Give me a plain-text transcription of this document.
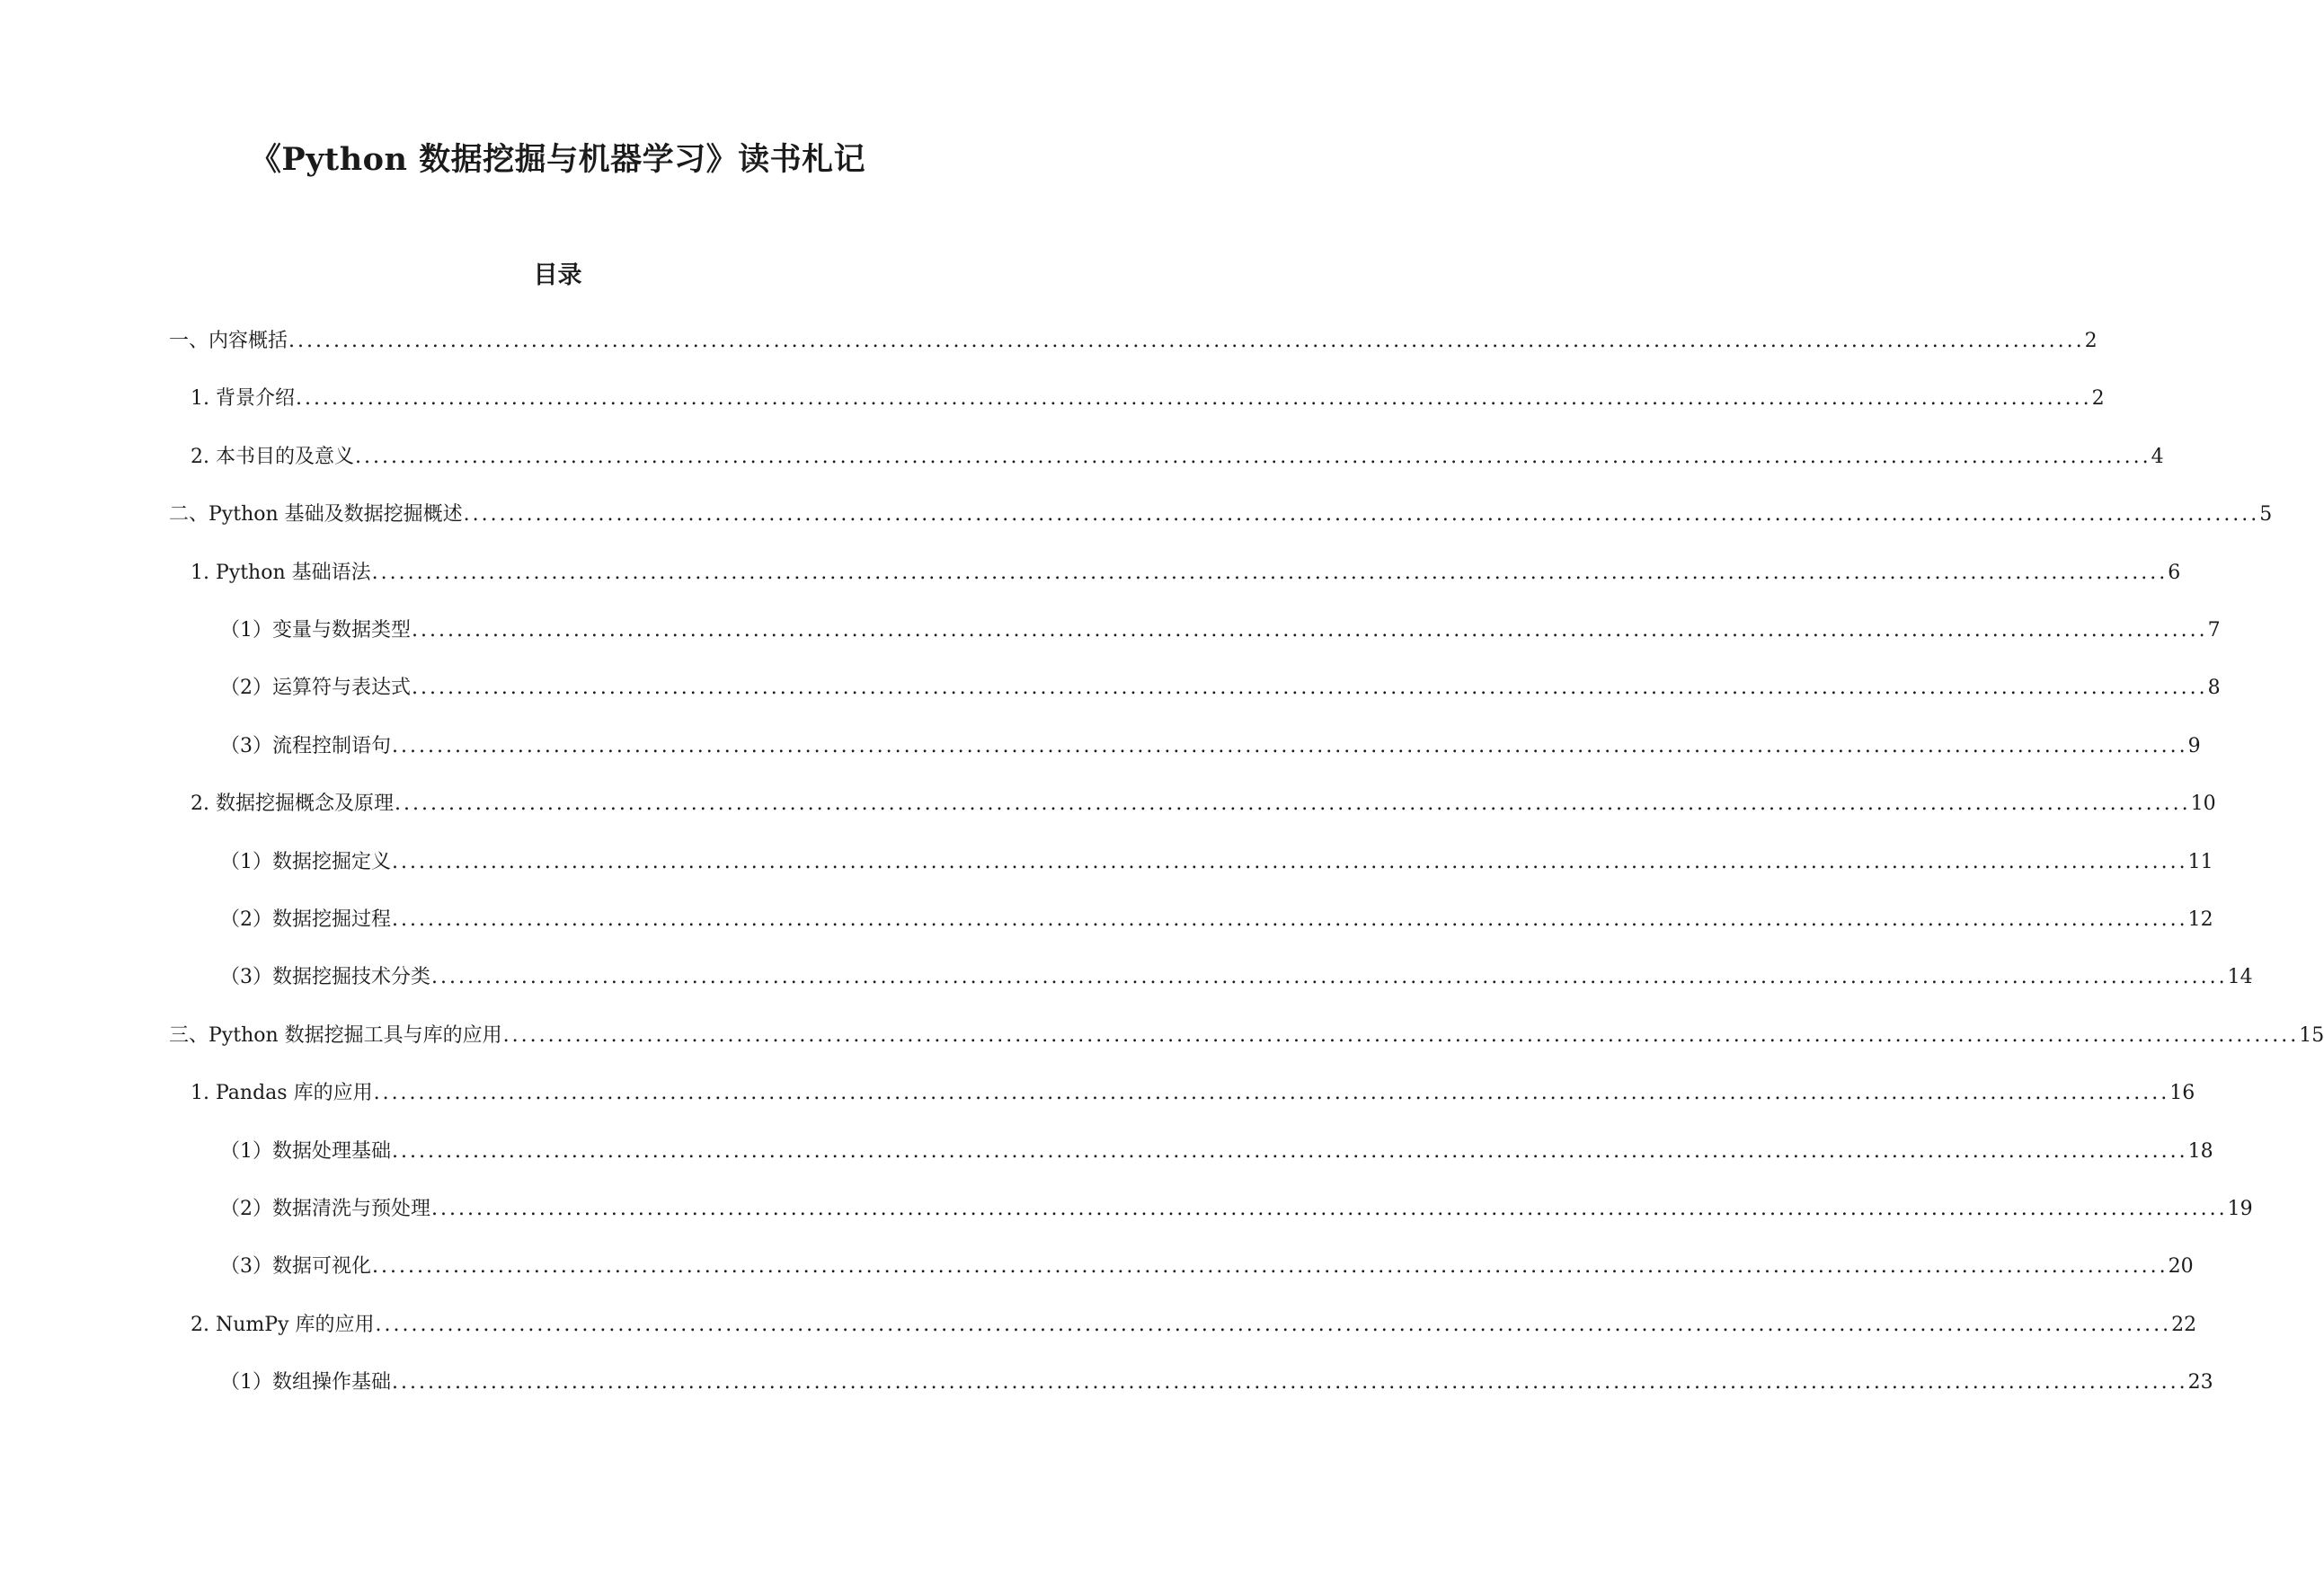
《Python 数据挖掘与机器学习》读书札记
目录
一、内容概括 ........................................................................................................................................................................................................ 2
1. 背景介绍 ........................................................................................................................................................................................................ 2
2. 本书目的及意义 ........................................................................................................................................................................................................ 4
二、Python 基础及数据挖掘概述 ........................................................................................................................................................................................................ 5
1. Python 基础语法 ........................................................................................................................................................................................................ 6
（1）变量与数据类型 ........................................................................................................................................................................................................ 7
（2）运算符与表达式 ........................................................................................................................................................................................................ 8
（3）流程控制语句 ........................................................................................................................................................................................................ 9
2. 数据挖掘概念及原理 ........................................................................................................................................................................................................ 10
（1）数据挖掘定义 ........................................................................................................................................................................................................ 11
（2）数据挖掘过程 ........................................................................................................................................................................................................ 12
（3）数据挖掘技术分类 ........................................................................................................................................................................................................ 14
三、Python 数据挖掘工具与库的应用 ........................................................................................................................................................................................................ 15
1. Pandas 库的应用 ........................................................................................................................................................................................................ 16
（1）数据处理基础 ........................................................................................................................................................................................................ 18
（2）数据清洗与预处理 ........................................................................................................................................................................................................ 19
（3）数据可视化 ........................................................................................................................................................................................................ 20
2. NumPy 库的应用 ........................................................................................................................................................................................................ 22
（1）数组操作基础 ........................................................................................................................................................................................................ 23
